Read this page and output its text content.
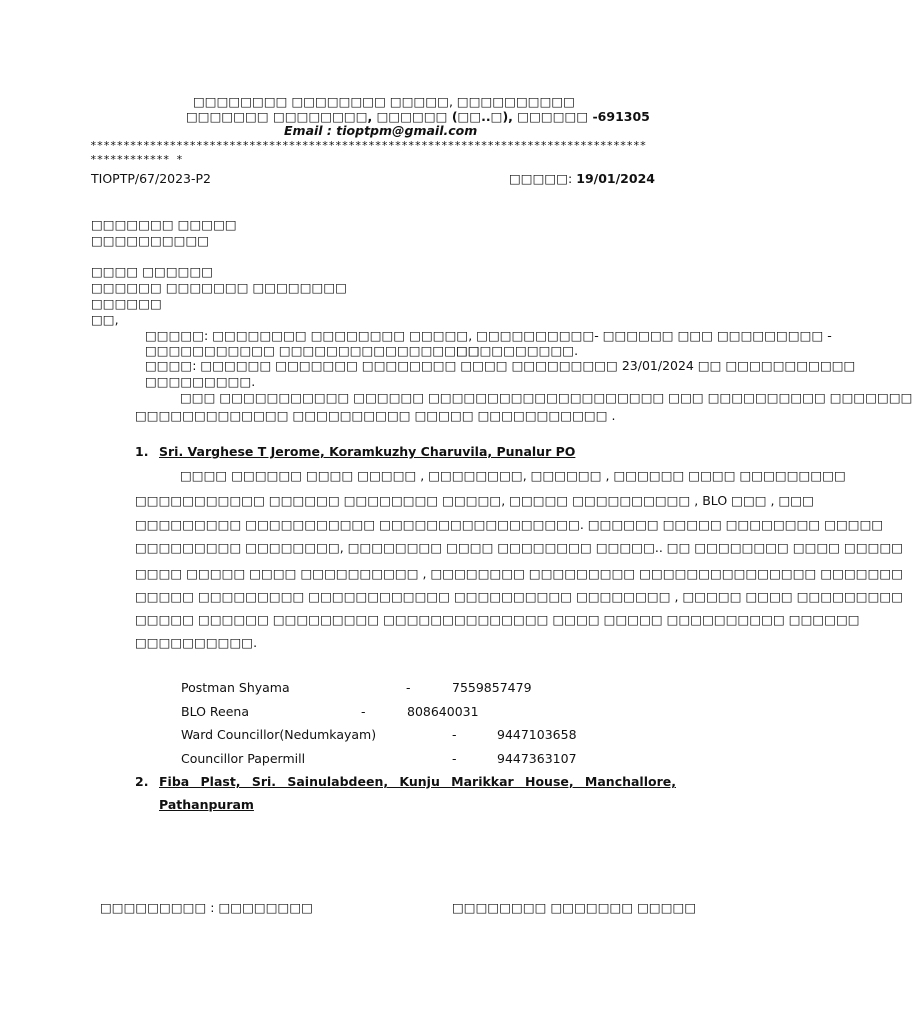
□□□□□□□□ □□□□□□□□ □□□□□, □□□□□□□□□□
□□□□□□□ □□□□□□□□, □□□□□□ (□□..□), □□□□□□ -691305
Email : tioptpm@gmail.com
************************************************************************************************ *
TIOPTP/67/2023-P2	□□□□□: 19/01/2024
□□□□□□□ □□□□□
□□□□□□□□□□
□□□□ □□□□□□
□□□□□□ □□□□□□□ □□□□□□□□
□□□□□□
□□,
□□□□□: □□□□□□□□ □□□□□□□□ □□□□□, □□□□□□□□□□- □□□□□□ □□□ □□□□□□□□□ -
□□□□□□□□□□□ □□□□□□□□□□□□□□□□□
□□□□□□□□□□.
□□□□: □□□□□□ □□□□□□□ □□□□□□□□ □□□□ □□□□□□□□□ 23/01/2024 □□ □□□□□□□□□□□
□□□□□□□□□.
□□□ □□□□□□□□□□□ □□□□□□ □□□□□□□□□□□□□□□□□□□□ □□□ □□□□□□□□□□ □□□□□□□
□□□□□□□□□□□□□ □□□□□□□□□□ □□□□□ □□□□□□□□□□□ .
1. Sri. Varghese T Jerome, Koramkuzhy Charuvila, Punalur PO
□□□□ □□□□□□ □□□□ □□□□□ , □□□□□□□□, □□□□□□ , □□□□□□ □□□□ □□□□□□□□□
□□□□□□□□□□□ □□□□□□ □□□□□□□□ □□□□□, □□□□□ □□□□□□□□□□ , BLO □□□ , □□□
□□□□□□□□□ □□□□□□□□□□□ □□□□□□□□□□□□□□□□□. □□□□□□ □□□□□ □□□□□□□□ □□□□□
□□□□□□□□□ □□□□□□□□, □□□□□□□□ □□□□ □□□□□□□□ □□□□□.. □□ □□□□□□□□ □□□□ □□□□□
□□□□ □□□□□ □□□□ □□□□□□□□□□ , □□□□□□□□ □□□□□□□□□ □□□□□□□□□□□□□□□ □□□□□□□
□□□□□ □□□□□□□□□ □□□□□□□□□□□□ □□□□□□□□□□ □□□□□□□□ , □□□□□ □□□□ □□□□□□□□□
□□□□□ □□□□□□ □□□□□□□□□ □□□□□□□□□□□□□□ □□□□ □□□□□ □□□□□□□□□□ □□□□□□
□□□□□□□□□□.
Postman Shyama	-	7559857479
BLO Reena	-	808640031
Ward Councillor(Nedumkayam)	-	9447103658
Councillor Papermill	-	9447363107
2. Fiba Plast, Sri. Sainulabdeen, Kunju Marikkar House, Manchallore,
Pathanpuram
□□□□□□□□□ : □□□□□□□□	□□□□□□□□ □□□□□□□ □□□□□
